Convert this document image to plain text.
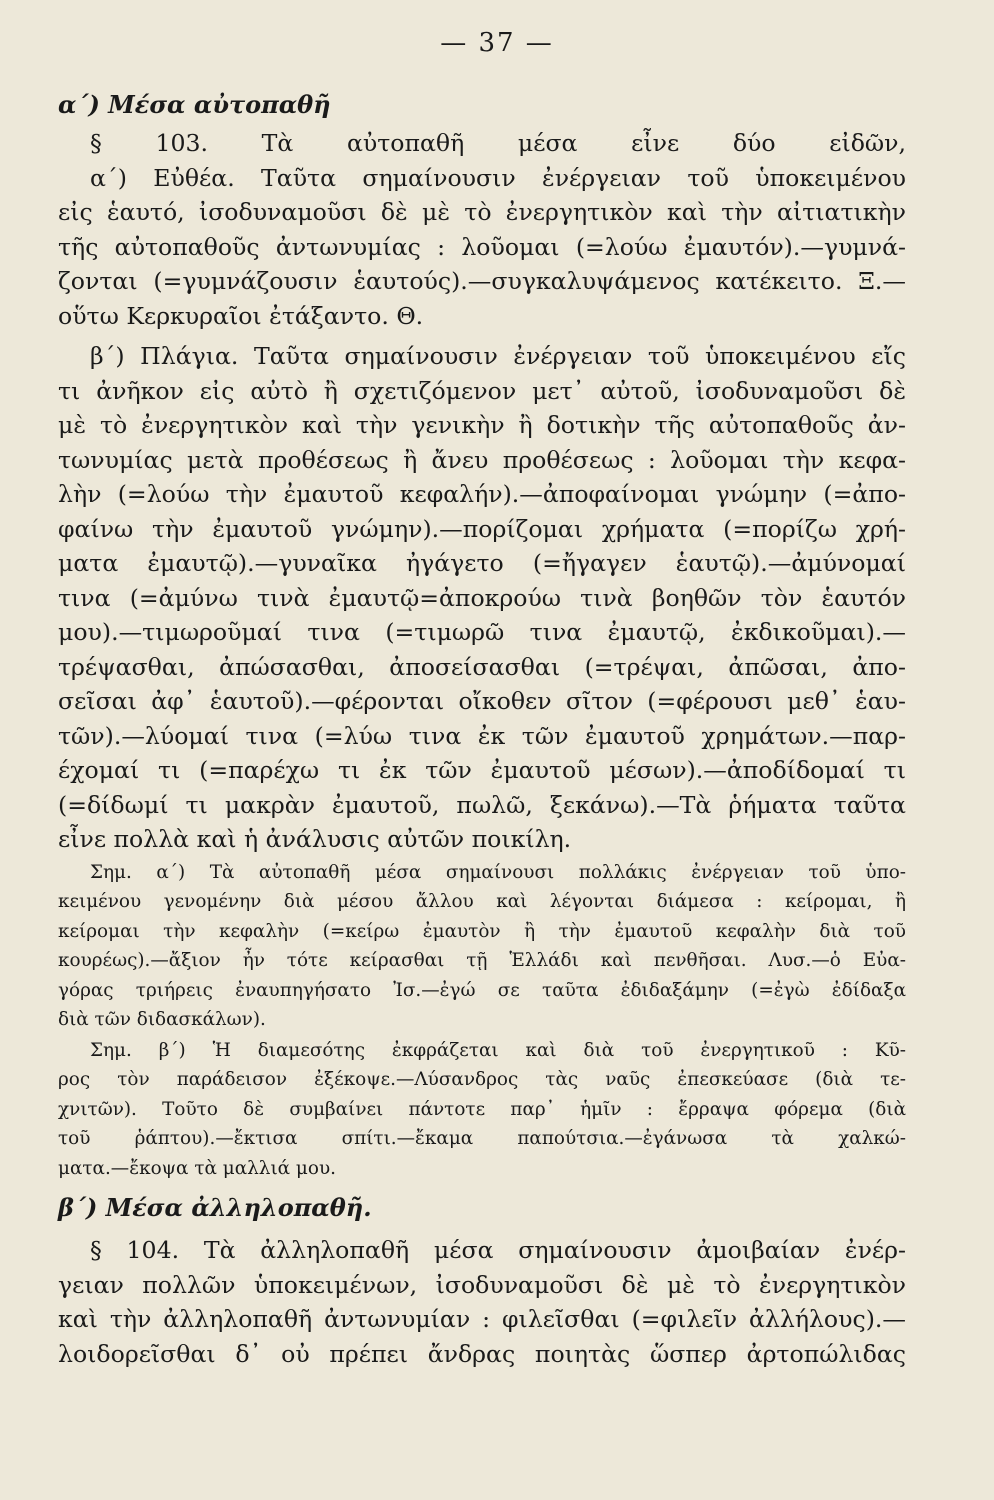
— 37 —
α΄) Μέσα αὐτοπαθῆ
§ 103. Τὰ αὐτοπαθῆ μέσα εἶνε δύο εἰδῶν,
α΄) Εὐθέα. Ταῦτα σημαίνουσιν ἐνέργειαν τοῦ ὑποκειμένου
εἰς ἑαυτό, ἰσοδυναμοῦσι δὲ μὲ τὸ ἐνεργητικὸν καὶ τὴν αἰτιατικὴν
τῆς αὐτοπαθοῦς ἀντωνυμίας : λοῦομαι (=λούω ἐμαυτόν).—γυμνά-
ζονται (=γυμνάζουσιν ἑαυτούς).—συγκαλυψάμενος κατέκειτο. Ξ.—
οὕτω Κερκυραῖοι ἐτάξαντο. Θ.
β΄) Πλάγια. Ταῦτα σημαίνουσιν ἐνέργειαν τοῦ ὑποκειμένου εἴς
τι ἀνῆκον εἰς αὐτὸ ἢ σχετιζόμενον μετ᾽ αὐτοῦ, ἰσοδυναμοῦσι δὲ
μὲ τὸ ἐνεργητικὸν καὶ τὴν γενικὴν ἢ δοτικὴν τῆς αὐτοπαθοῦς ἀν-
τωνυμίας μετὰ προθέσεως ἢ ἄνευ προθέσεως : λοῦομαι τὴν κεφα-
λὴν (=λούω τὴν ἐμαυτοῦ κεφαλήν).—ἀποφαίνομαι γνώμην (=ἀπο-
φαίνω τὴν ἐμαυτοῦ γνώμην).—πορίζομαι χρήματα (=πορίζω χρή-
ματα ἐμαυτῷ).—γυναῖκα ἠγάγετο (=ἤγαγεν ἑαυτῷ).—ἀμύνομαί
τινα (=ἀμύνω τινὰ ἐμαυτῷ=ἀποκρούω τινὰ βοηθῶν τὸν ἑαυτόν
μου).—τιμωροῦμαί τινα (=τιμωρῶ τινα ἐμαυτῷ, ἐκδικοῦμαι).—
τρέψασθαι, ἀπώσασθαι, ἀποσείσασθαι (=τρέψαι, ἀπῶσαι, ἀπο-
σεῖσαι ἀφ᾽ ἑαυτοῦ).—φέρονται οἴκοθεν σῖτον (=φέρουσι μεθ᾽ ἑαυ-
τῶν).—λύομαί τινα (=λύω τινα ἐκ τῶν ἐμαυτοῦ χρημάτων.—παρ-
έχομαί τι (=παρέχω τι ἐκ τῶν ἐμαυτοῦ μέσων).—ἀποδίδομαί τι
(=δίδωμί τι μακρὰν ἐμαυτοῦ, πωλῶ, ξεκάνω).—Τὰ ῥήματα ταῦτα
εἶνε πολλὰ καὶ ἡ ἀνάλυσις αὐτῶν ποικίλη.
Σημ. α΄) Τὰ αὐτοπαθῆ μέσα σημαίνουσι πολλάκις ἐνέργειαν τοῦ ὑπο-
κειμένου γενομένην διὰ μέσου ἄλλου καὶ λέγονται διάμεσα : κείρομαι, ἢ
κείρομαι τὴν κεφαλὴν (=κείρω ἐμαυτὸν ἢ τὴν ἐμαυτοῦ κεφαλὴν διὰ τοῦ
κουρέως).—ἄξιον ἦν τότε κείρασθαι τῇ Ἑλλάδι καὶ πενθῆσαι. Λυσ.—ὁ Εὐα-
γόρας τριήρεις ἐναυπηγήσατο Ἰσ.—ἐγώ σε ταῦτα ἐδιδαξάμην (=ἐγὼ ἐδίδαξα
διὰ τῶν διδασκάλων).
Σημ. β΄) Ἡ διαμεσότης ἐκφράζεται καὶ διὰ τοῦ ἐνεργητικοῦ : Κῦ-
ρος τὸν παράδεισον ἐξέκοψε.—Λύσανδρος τὰς ναῦς ἐπεσκεύασε (διὰ τε-
χνιτῶν). Τοῦτο δὲ συμβαίνει πάντοτε παρ᾽ ἡμῖν : ἔρραψα φόρεμα (διὰ
τοῦ ῥάπτου).—ἔκτισα σπίτι.—ἔκαμα παπούτσια.—ἐγάνωσα τὰ χαλκώ-
ματα.—ἔκοψα τὰ μαλλιά μου.
β΄) Μέσα ἀλληλοπαθῆ.
§ 104. Τὰ ἀλληλοπαθῆ μέσα σημαίνουσιν ἀμοιβαίαν ἐνέρ-
γειαν πολλῶν ὑποκειμένων, ἰσοδυναμοῦσι δὲ μὲ τὸ ἐνεργητικὸν
καὶ τὴν ἀλληλοπαθῆ ἀντωνυμίαν : φιλεῖσθαι (=φιλεῖν ἀλλήλους).—
λοιδορεῖσθαι δ᾽ οὐ πρέπει ἄνδρας ποιητὰς ὥσπερ ἀρτοπώλιδας
